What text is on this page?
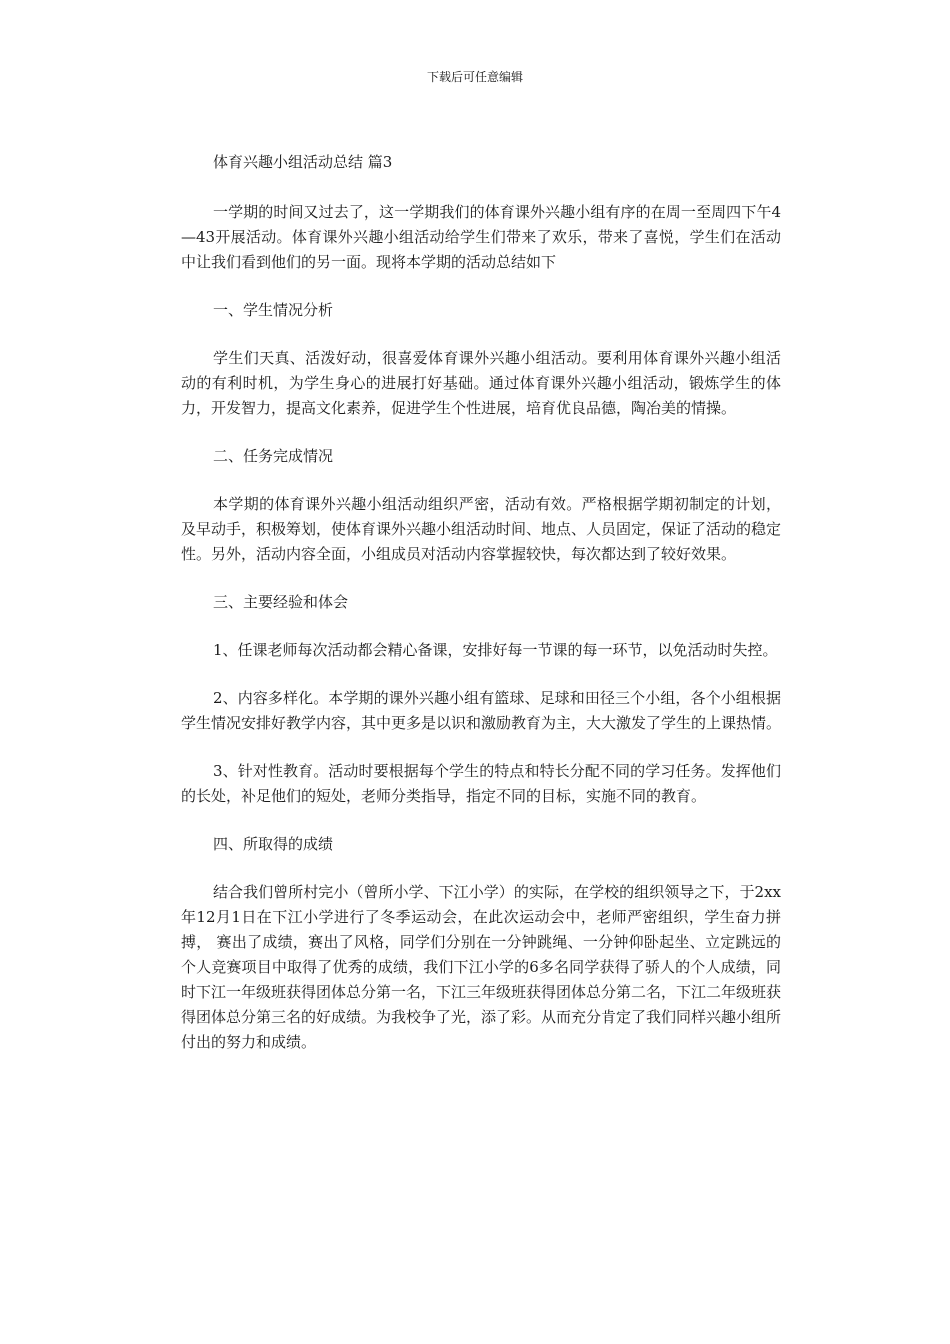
下载后可任意编辑

体育兴趣小组活动总结 篇3

一学期的时间又过去了，这一学期我们的体育课外兴趣小组有序的在周一至周四下午4—43开展活动。体育课外兴趣小组活动给学生们带来了欢乐，带来了喜悦，学生们在活动中让我们看到他们的另一面。现将本学期的活动总结如下

一、学生情况分析

学生们天真、活泼好动，很喜爱体育课外兴趣小组活动。要利用体育课外兴趣小组活动的有利时机，为学生身心的进展打好基础。通过体育课外兴趣小组活动，锻炼学生的体力，开发智力，提高文化素养，促进学生个性进展，培育优良品德，陶冶美的情操。

二、任务完成情况

本学期的体育课外兴趣小组活动组织严密，活动有效。严格根据学期初制定的计划，及早动手，积极筹划，使体育课外兴趣小组活动时间、地点、人员固定，保证了活动的稳定性。另外，活动内容全面，小组成员对活动内容掌握较快，每次都达到了较好效果。

三、主要经验和体会

1、任课老师每次活动都会精心备课，安排好每一节课的每一环节，以免活动时失控。

2、内容多样化。本学期的课外兴趣小组有篮球、足球和田径三个小组，各个小组根据学生情况安排好教学内容，其中更多是以识和激励教育为主，大大激发了学生的上课热情。

3、针对性教育。活动时要根据每个学生的特点和特长分配不同的学习任务。发挥他们的长处，补足他们的短处，老师分类指导，指定不同的目标，实施不同的教育。

四、所取得的成绩

结合我们曾所村完小（曾所小学、下江小学）的实际，在学校的组织领导之下，于2xx年12月1日在下江小学进行了冬季运动会，在此次运动会中，老师严密组织，学生奋力拼搏， 赛出了成绩，赛出了风格，同学们分别在一分钟跳绳、一分钟仰卧起坐、立定跳远的个人竞赛项目中取得了优秀的成绩，我们下江小学的6多名同学获得了骄人的个人成绩，同时下江一年级班获得团体总分第一名，下江三年级班获得团体总分第二名，下江二年级班获得团体总分第三名的好成绩。为我校争了光，添了彩。从而充分肯定了我们同样兴趣小组所付出的努力和成绩。
